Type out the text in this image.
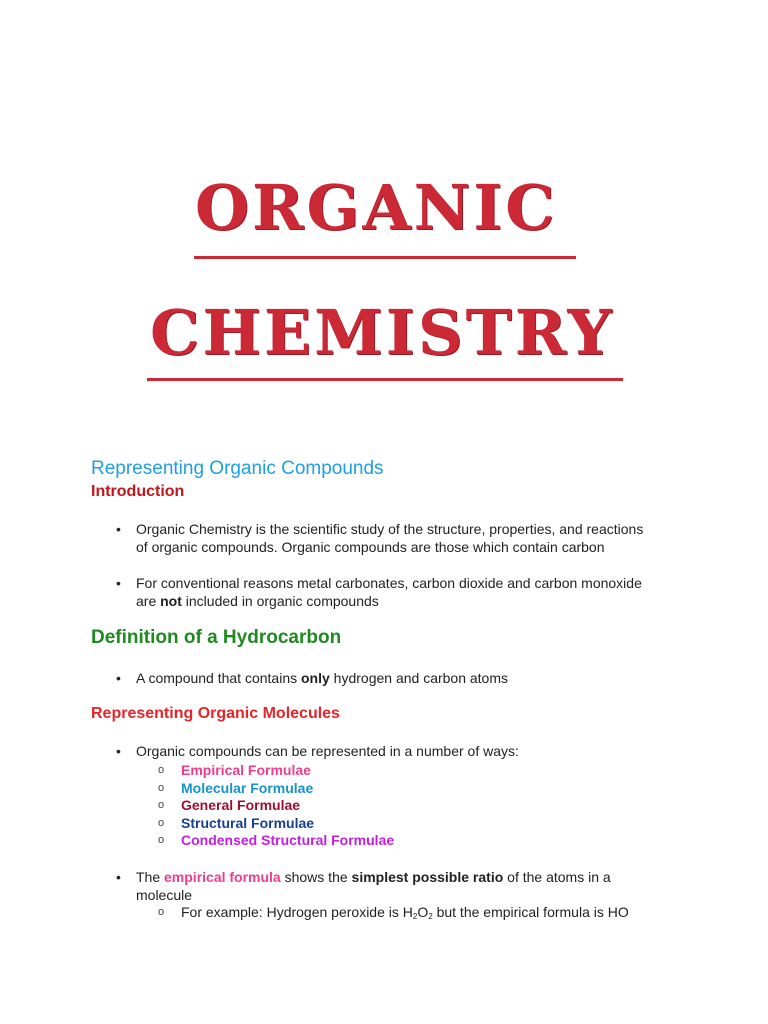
ORGANIC
CHEMISTRY
Representing Organic Compounds
Introduction
• Organic Chemistry is the scientific study of the structure, properties, and reactions of organic compounds. Organic compounds are those which contain carbon
• For conventional reasons metal carbonates, carbon dioxide and carbon monoxide are not included in organic compounds
Definition of a Hydrocarbon
• A compound that contains only hydrogen and carbon atoms
Representing Organic Molecules
• Organic compounds can be represented in a number of ways:
o Empirical Formulae
o Molecular Formulae
o General Formulae
o Structural Formulae
o Condensed Structural Formulae
• The empirical formula shows the simplest possible ratio of the atoms in a molecule
o For example: Hydrogen peroxide is $H_2O_2$ but the empirical formula is HO
